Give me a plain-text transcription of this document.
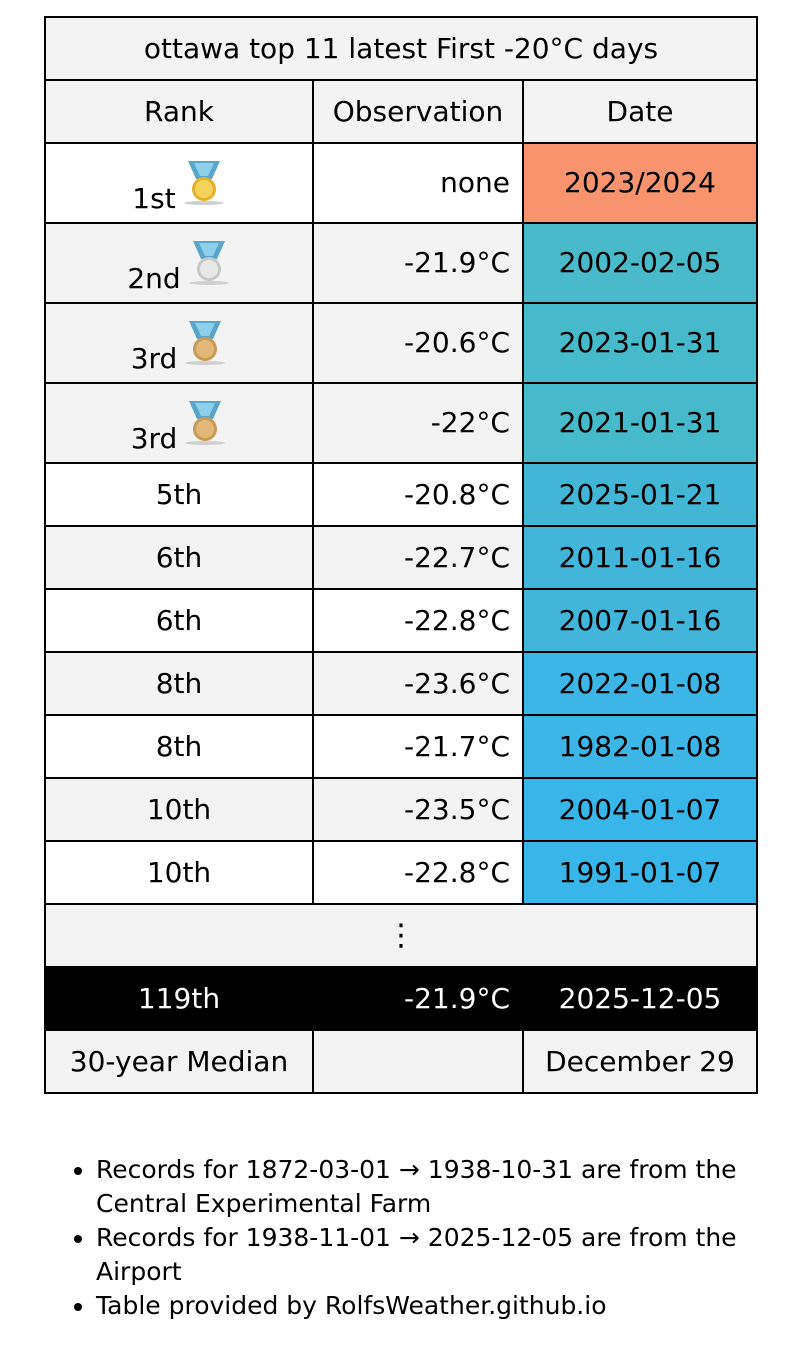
ottawa top 11 latest First -20°C days		
Rank	Observation	Date

1st	none	2023/2024

2nd	-21.9°C	2002-02-05

3rd	-20.6°C	2023-01-31

3rd	-22°C	2021-01-31
5th	-20.8°C	2025-01-21
6th	-22.7°C	2011-01-16
6th	-22.8°C	2007-01-16
8th	-23.6°C	2022-01-08
8th	-21.7°C	1982-01-08
10th	-23.5°C	2004-01-07
10th	-22.8°C	1991-01-07
⋮		
119th	-21.9°C	2025-12-05
30-year Median		December 29
• Records for 1872-03-01 → 1938-10-31 are from the Central Experimental Farm
• Records for 1938-11-01 → 2025-12-05 are from the Airport
• Table provided by RolfsWeather.github.io
